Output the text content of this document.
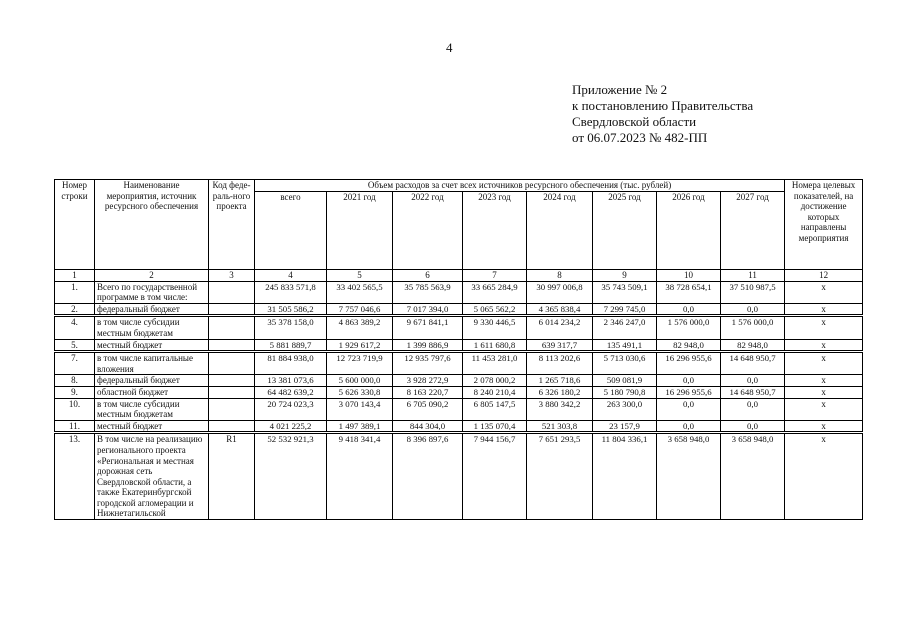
4
Приложение № 2
к постановлению Правительства
Свердловской области
от 06.07.2023 № 482-ПП
Номер строки	Наименование мероприятия, источник ресурсного обеспечения	Код феде-раль-ного проекта	Объем расходов за счет всех источников ресурсного обеспечения (тыс. рублей)								Номера целевых показателей, на достижение которых направлены мероприятия
			всего	2021 год	2022 год	2023 год	2024 год	2025 год	2026 год	2027 год	
1	2	3	4	5	6	7	8	9	10	11	12
1.	Всего по государственной программе в том числе:		245 833 571,8	33 402 565,5	35 785 563,9	33 665 284,9	30 997 006,8	35 743 509,1	38 728 654,1	37 510 987,5	x
2.	федеральный бюджет		31 505 586,2	7 757 046,6	7 017 394,0	5 065 562,2	4 365 838,4	7 299 745,0	0,0	0,0	x
4.	в том числе субсидии местным бюджетам		35 378 158,0	4 863 389,2	9 671 841,1	9 330 446,5	6 014 234,2	2 346 247,0	1 576 000,0	1 576 000,0	x
5.	местный бюджет		5 881 889,7	1 929 617,2	1 399 886,9	1 611 680,8	639 317,7	135 491,1	82 948,0	82 948,0	x
7.	в том числе капитальные вложения		81 884 938,0	12 723 719,9	12 935 797,6	11 453 281,0	8 113 202,6	5 713 030,6	16 296 955,6	14 648 950,7	x
8.	федеральный бюджет		13 381 073,6	5 600 000,0	3 928 272,9	2 078 000,2	1 265 718,6	509 081,9	0,0	0,0	x
9.	областной бюджет		64 482 639,2	5 626 330,8	8 163 220,7	8 240 210,4	6 326 180,2	5 180 790,8	16 296 955,6	14 648 950,7	x
10.	в том числе субсидии местным бюджетам		20 724 023,3	3 070 143,4	6 705 090,2	6 805 147,5	3 880 342,2	263 300,0	0,0	0,0	x
11.	местный бюджет		4 021 225,2	1 497 389,1	844 304,0	1 135 070,4	521 303,8	23 157,9	0,0	0,0	x
13.	В том числе на реализацию регионального проекта «Региональная и местная дорожная сеть Свердловской области, а также Екатеринбургской городской агломерации и Нижнетагильской	R1	52 532 921,3	9 418 341,4	8 396 897,6	7 944 156,7	7 651 293,5	11 804 336,1	3 658 948,0	3 658 948,0	x
